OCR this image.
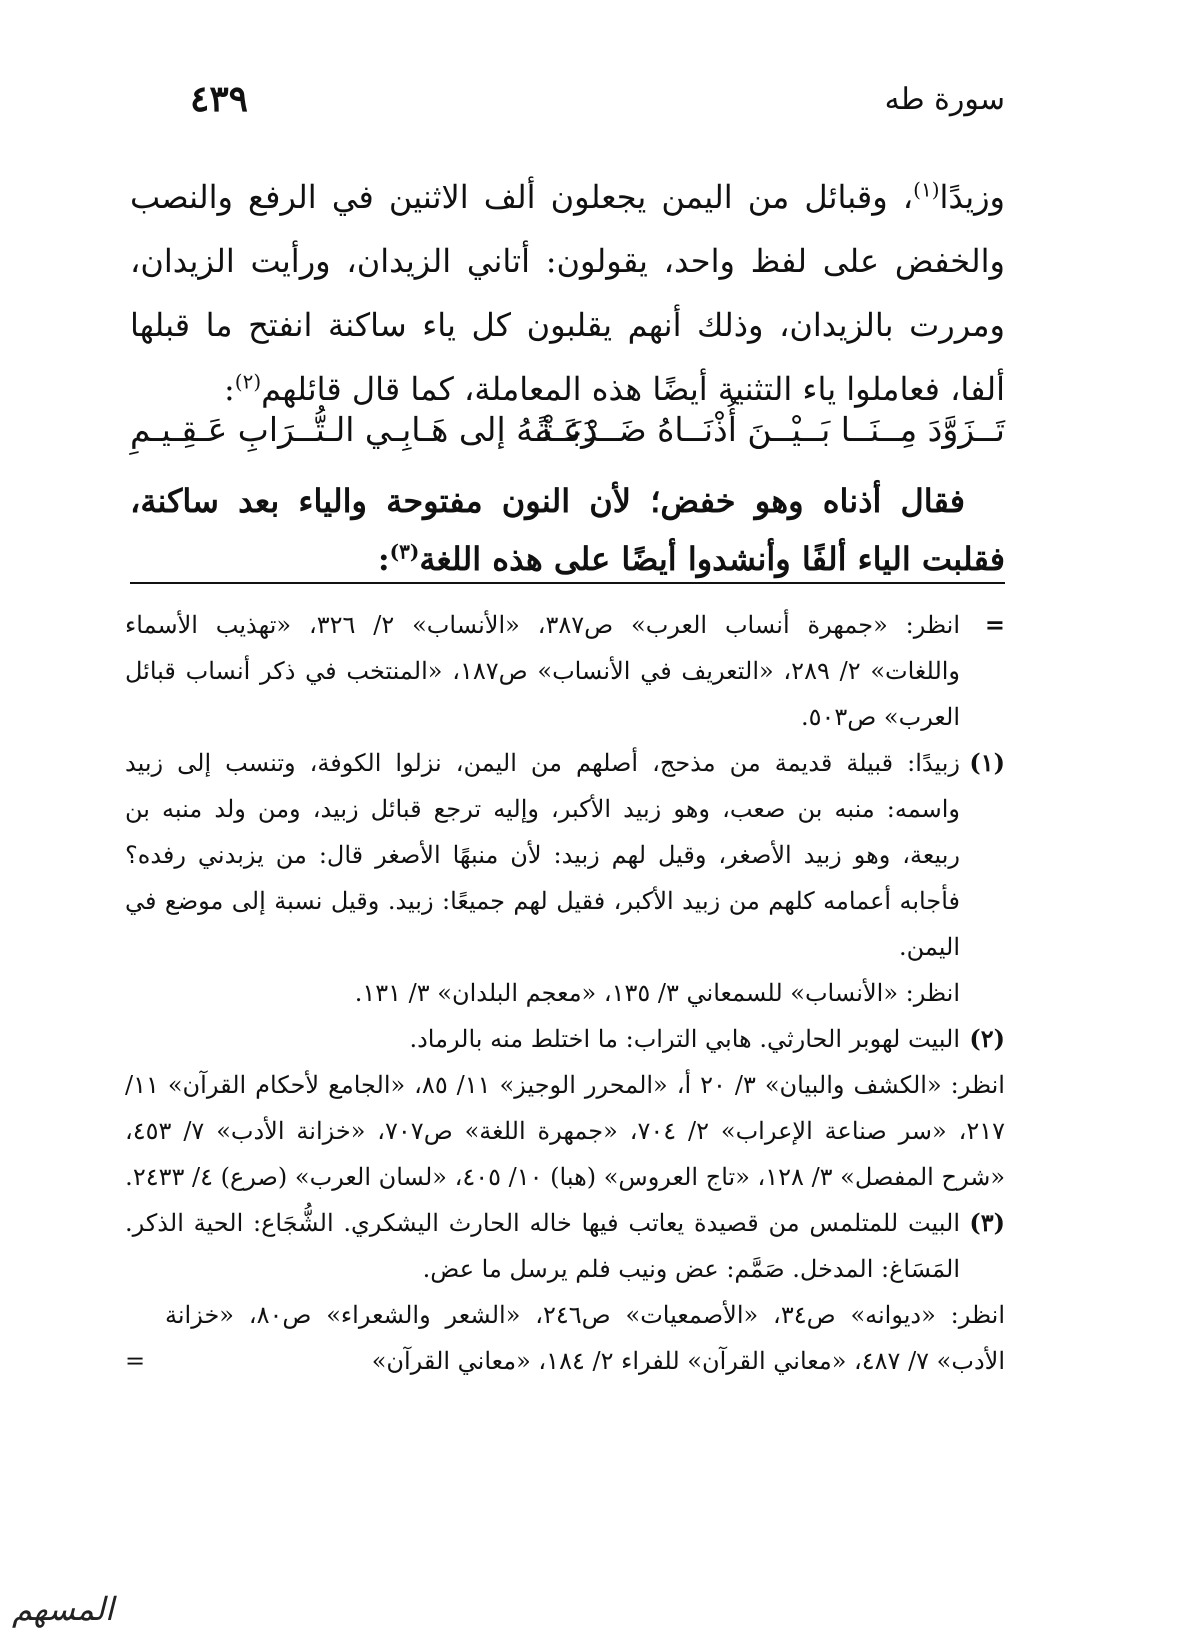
سورة طه
٤٣٩

وزيدًا$^{(١)}$، وقبائل من اليمن يجعلون ألف الاثنين في الرفع والنصب والخفض على لفظ واحد، يقولون: أتاني الزيدان، ورأيت الزيدان، ومررت بالزيدان، وذلك أنهم يقلبون كل ياء ساكنة انفتح ما قبلها ألفا، فعاملوا ياء التثنية أيضًا هذه المعاملة، كما قال قائلهم$^{(٢)}$:

تَــزَوَّدَ مِــنَــا بَــيْــنَ أُذْنَــاهُ ضَــرْبَــةً
دَعَـتْـهُ إلى هَـابِـي الـتُّــرَابِ عَـقِـيـمِ
فقال أذناه وهو خفض؛ لأن النون مفتوحة والياء بعد ساكنة، فقلبت الياء ألفًا وأنشدوا أيضًا على هذه اللغة$^{(٣)}$:

=
انظر: «جمهرة أنساب العرب» ص٣٨٧، «الأنساب» ٢/ ٣٢٦، «تهذيب الأسماء واللغات» ٢/ ٢٨٩، «التعريف في الأنساب» ص١٨٧، «المنتخب في ذكر أنساب قبائل العرب» ص٥٠٣.

(١)
زبيدًا: قبيلة قديمة من مذحج، أصلهم من اليمن، نزلوا الكوفة، وتنسب إلى زبيد واسمه: منبه بن صعب، وهو زبيد الأكبر، وإليه ترجع قبائل زبيد، ومن ولد منبه بن ربيعة، وهو زبيد الأصغر، وقيل لهم زبيد: لأن منبهًا الأصغر قال: من يزبدني رفده؟ فأجابه أعمامه كلهم من زبيد الأكبر، فقيل لهم جميعًا: زبيد. وقيل نسبة إلى موضع في اليمن.

انظر: «الأنساب» للسمعاني ٣/ ١٣٥، «معجم البلدان» ٣/ ١٣١.

(٢)
البيت لهوبر الحارثي. هابي التراب: ما اختلط منه بالرماد.

انظر: «الكشف والبيان» ٣/ ٢٠ أ، «المحرر الوجيز» ١١/ ٨٥، «الجامع لأحكام القرآن» ١١/ ٢١٧، «سر صناعة الإعراب» ٢/ ٧٠٤، «جمهرة اللغة» ص٧٠٧، «خزانة الأدب» ٧/ ٤٥٣، «شرح المفصل» ٣/ ١٢٨، «تاج العروس» (هبا) ١٠/ ٤٠٥، «لسان العرب» (صرع) ٤/ ٢٤٣٣.

(٣)
البيت للمتلمس من قصيدة يعاتب فيها خاله الحارث اليشكري. الشُّجَاع: الحية الذكر. المَسَاغ: المدخل. صَمَّم: عض ونيب فلم يرسل ما عض.

انظر: «ديوانه» ص٣٤، «الأصمعيات» ص٢٤٦، «الشعر والشعراء» ص٨٠، «خزانة الأدب» ٧/ ٤٨٧، «معاني القرآن» للفراء ٢/ ١٨٤، «معاني القرآن»
=

المسهم
